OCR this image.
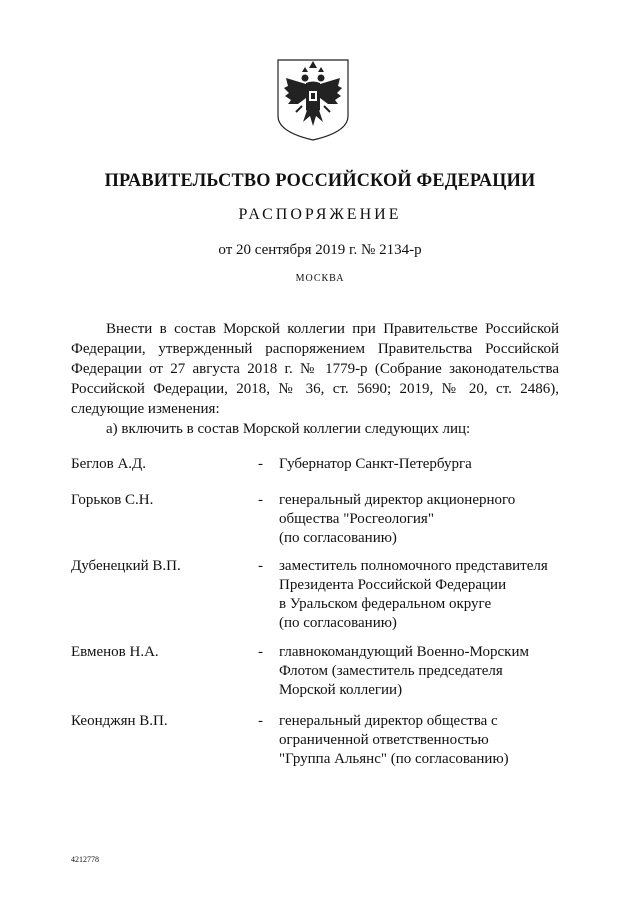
ПРАВИТЕЛЬСТВО РОССИЙСКОЙ ФЕДЕРАЦИИ
РАСПОРЯЖЕНИЕ
от 20 сентября 2019 г. № 2134-р
МОСКВА
Внести в состав Морской коллегии при Правительстве Российской Федерации, утвержденный распоряжением Правительства Российской Федерации от 27 августа 2018 г. № 1779-р (Собрание законодательства Российской Федерации, 2018, № 36, ст. 5690; 2019, № 20, ст. 2486), следующие изменения:
а) включить в состав Морской коллегии следующих лиц:
Беглов А.Д.	- Губернатор Санкт-Петербурга
Горьков С.Н.	- генеральный директор акционерного
общества "Росгеология"
(по согласованию)
Дубенецкий В.П.	- заместитель полномочного представителя
Президента Российской Федерации
в Уральском федеральном округе
(по согласованию)
Евменов Н.А.	- главнокомандующий Военно-Морским
Флотом (заместитель председателя
Морской коллегии)
Кеонджян В.П.	- генеральный директор общества с
ограниченной ответственностью
"Группа Альянс" (по согласованию)
4212778
